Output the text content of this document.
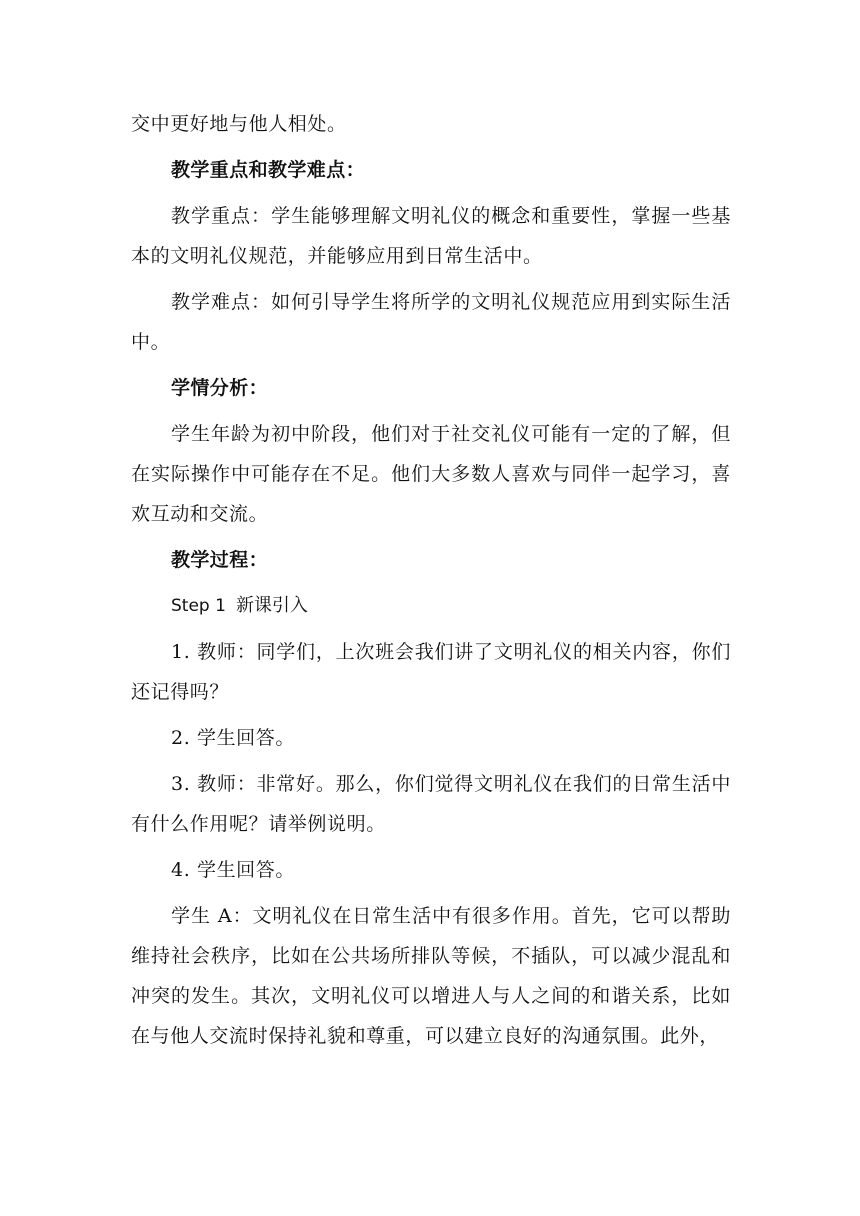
交中更好地与他人相处。

教学重点和教学难点：

教学重点：学生能够理解文明礼仪的概念和重要性，掌握一些基本的文明礼仪规范，并能够应用到日常生活中。

教学难点：如何引导学生将所学的文明礼仪规范应用到实际生活中。

学情分析：

学生年龄为初中阶段，他们对于社交礼仪可能有一定的了解，但在实际操作中可能存在不足。他们大多数人喜欢与同伴一起学习，喜欢互动和交流。

教学过程：

Step 1 新课引入

1. 教师：同学们，上次班会我们讲了文明礼仪的相关内容，你们还记得吗？

2. 学生回答。

3. 教师：非常好。那么，你们觉得文明礼仪在我们的日常生活中有什么作用呢？请举例说明。

4. 学生回答。

学生 A：文明礼仪在日常生活中有很多作用。首先，它可以帮助维持社会秩序，比如在公共场所排队等候，不插队，可以减少混乱和冲突的发生。其次，文明礼仪可以增进人与人之间的和谐关系，比如在与他人交流时保持礼貌和尊重，可以建立良好的沟通氛围。此外，
